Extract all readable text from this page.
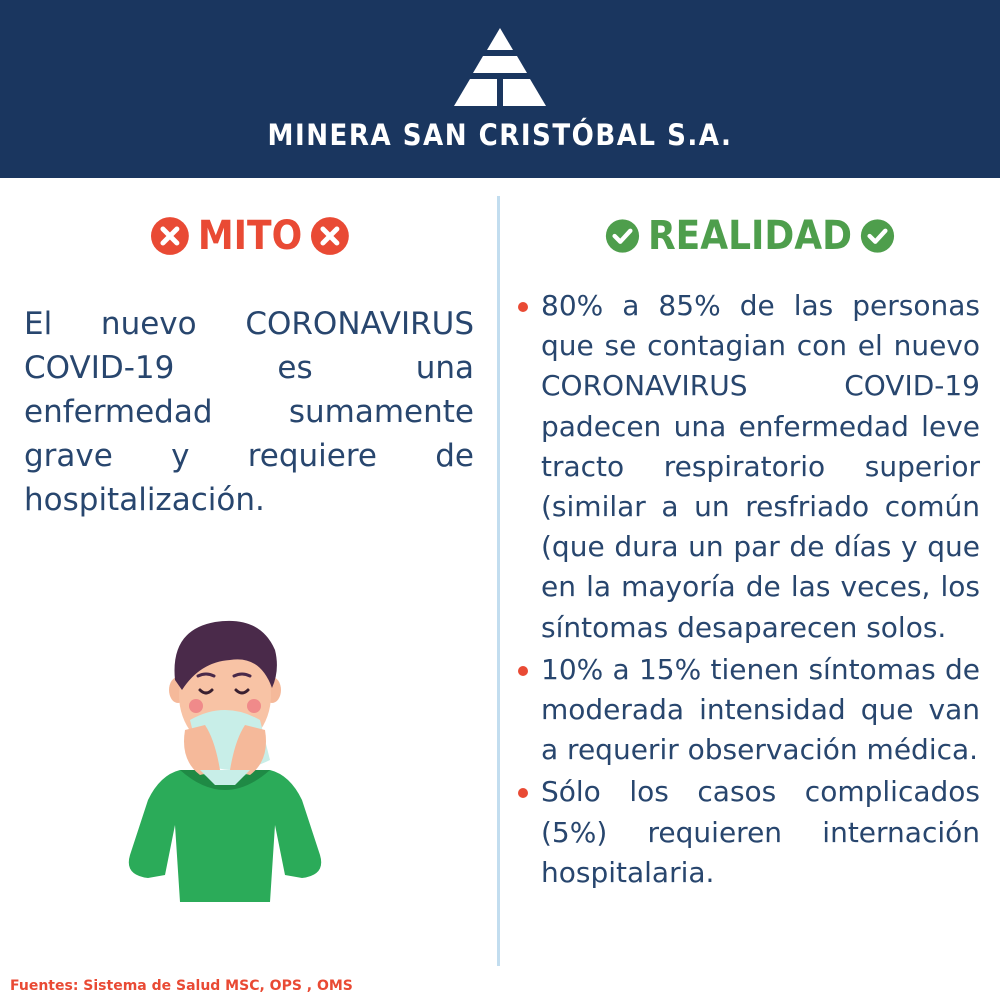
MINERA SAN CRISTÓBAL S.A.
MITO	REALIDAD

El nuevo CORONAVIRUS COVID-19 es una enfermedad sumamente grave y requiere de hospitalización.

80% a 85% de las personas que se contagian con el nuevo CORONAVIRUS COVID-19 padecen una enfermedad leve tracto respiratorio superior (similar a un resfriado común (que dura un par de días y que en la mayoría de las veces, los síntomas desaparecen solos.
10% a 15% tienen síntomas de moderada intensidad que van a requerir observación médica.
Sólo los casos complicados (5%) requieren internación hospitalaria.
Fuentes: Sistema de Salud MSC, OPS , OMS
